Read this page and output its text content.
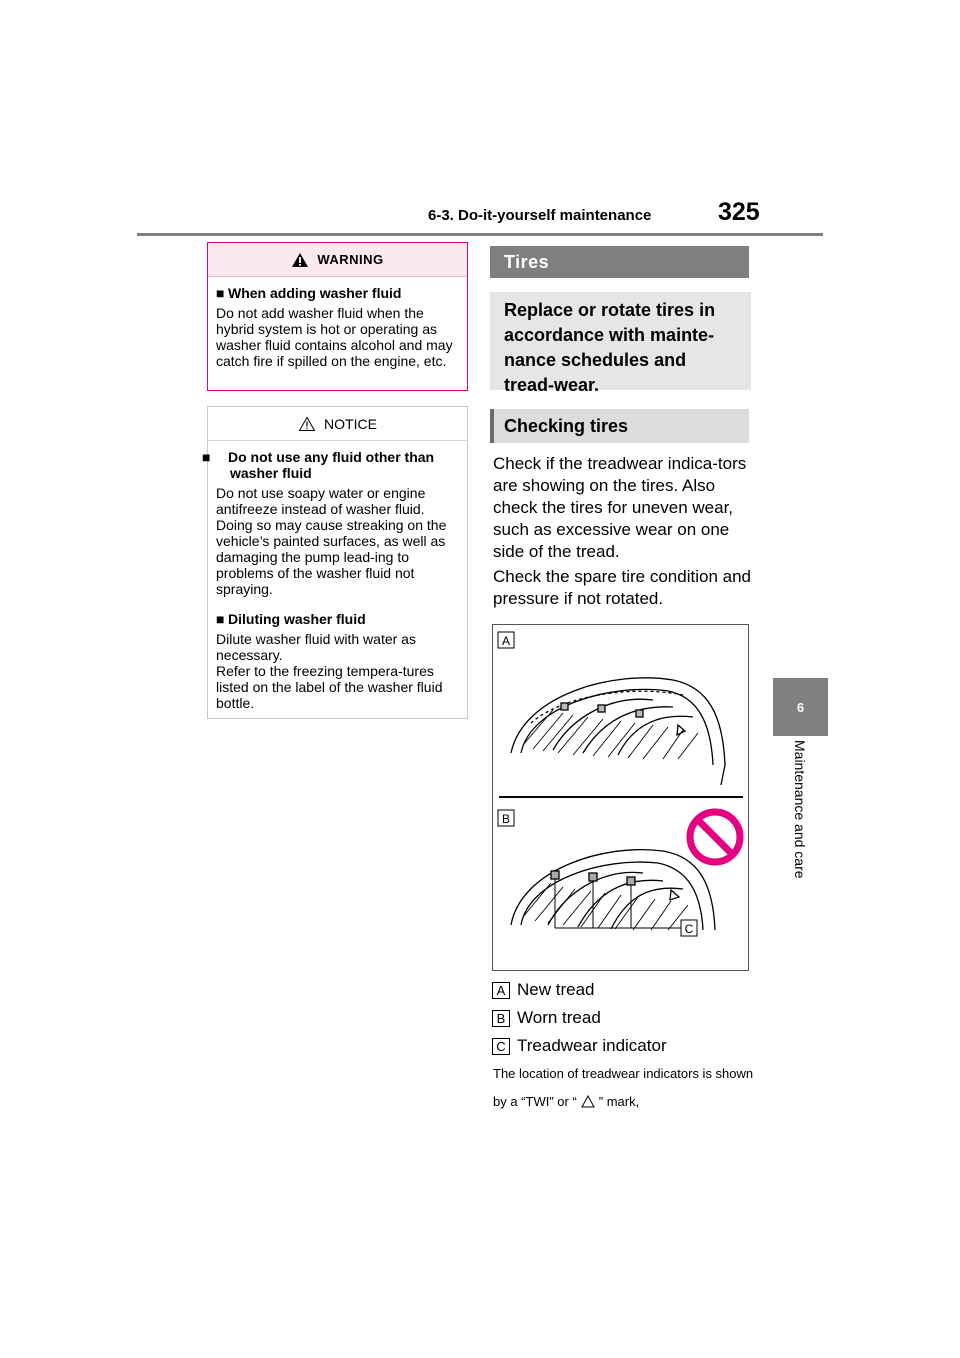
6-3. Do-it-yourself maintenance	325
6
Maintenance and care
WARNING
■ When adding washer fluid
Do not add washer fluid when the hybrid system is hot or operating as washer fluid contains alcohol and may catch fire if spilled on the engine, etc.
NOTICE
■ Do not use any fluid other than washer fluid
Do not use soapy water or engine antifreeze instead of washer fluid. Doing so may cause streaking on the vehicle’s painted surfaces, as well as damaging the pump lead-ing to problems of the washer fluid not spraying.
■ Diluting washer fluid
Dilute washer fluid with water as necessary.
Refer to the freezing tempera-tures listed on the label of the washer fluid bottle.
Tires
Replace or rotate tires in accordance with mainte-nance schedules and tread-wear.
Checking tires
Check if the treadwear indica-tors are showing on the tires. Also check the tires for uneven wear, such as excessive wear on one side of the tread.
Check the spare tire condition and pressure if not rotated.
A
B
C
A New tread
B Worn tread
C Treadwear indicator
The location of treadwear indicators is shown by a “TWI” or “ ” mark,
